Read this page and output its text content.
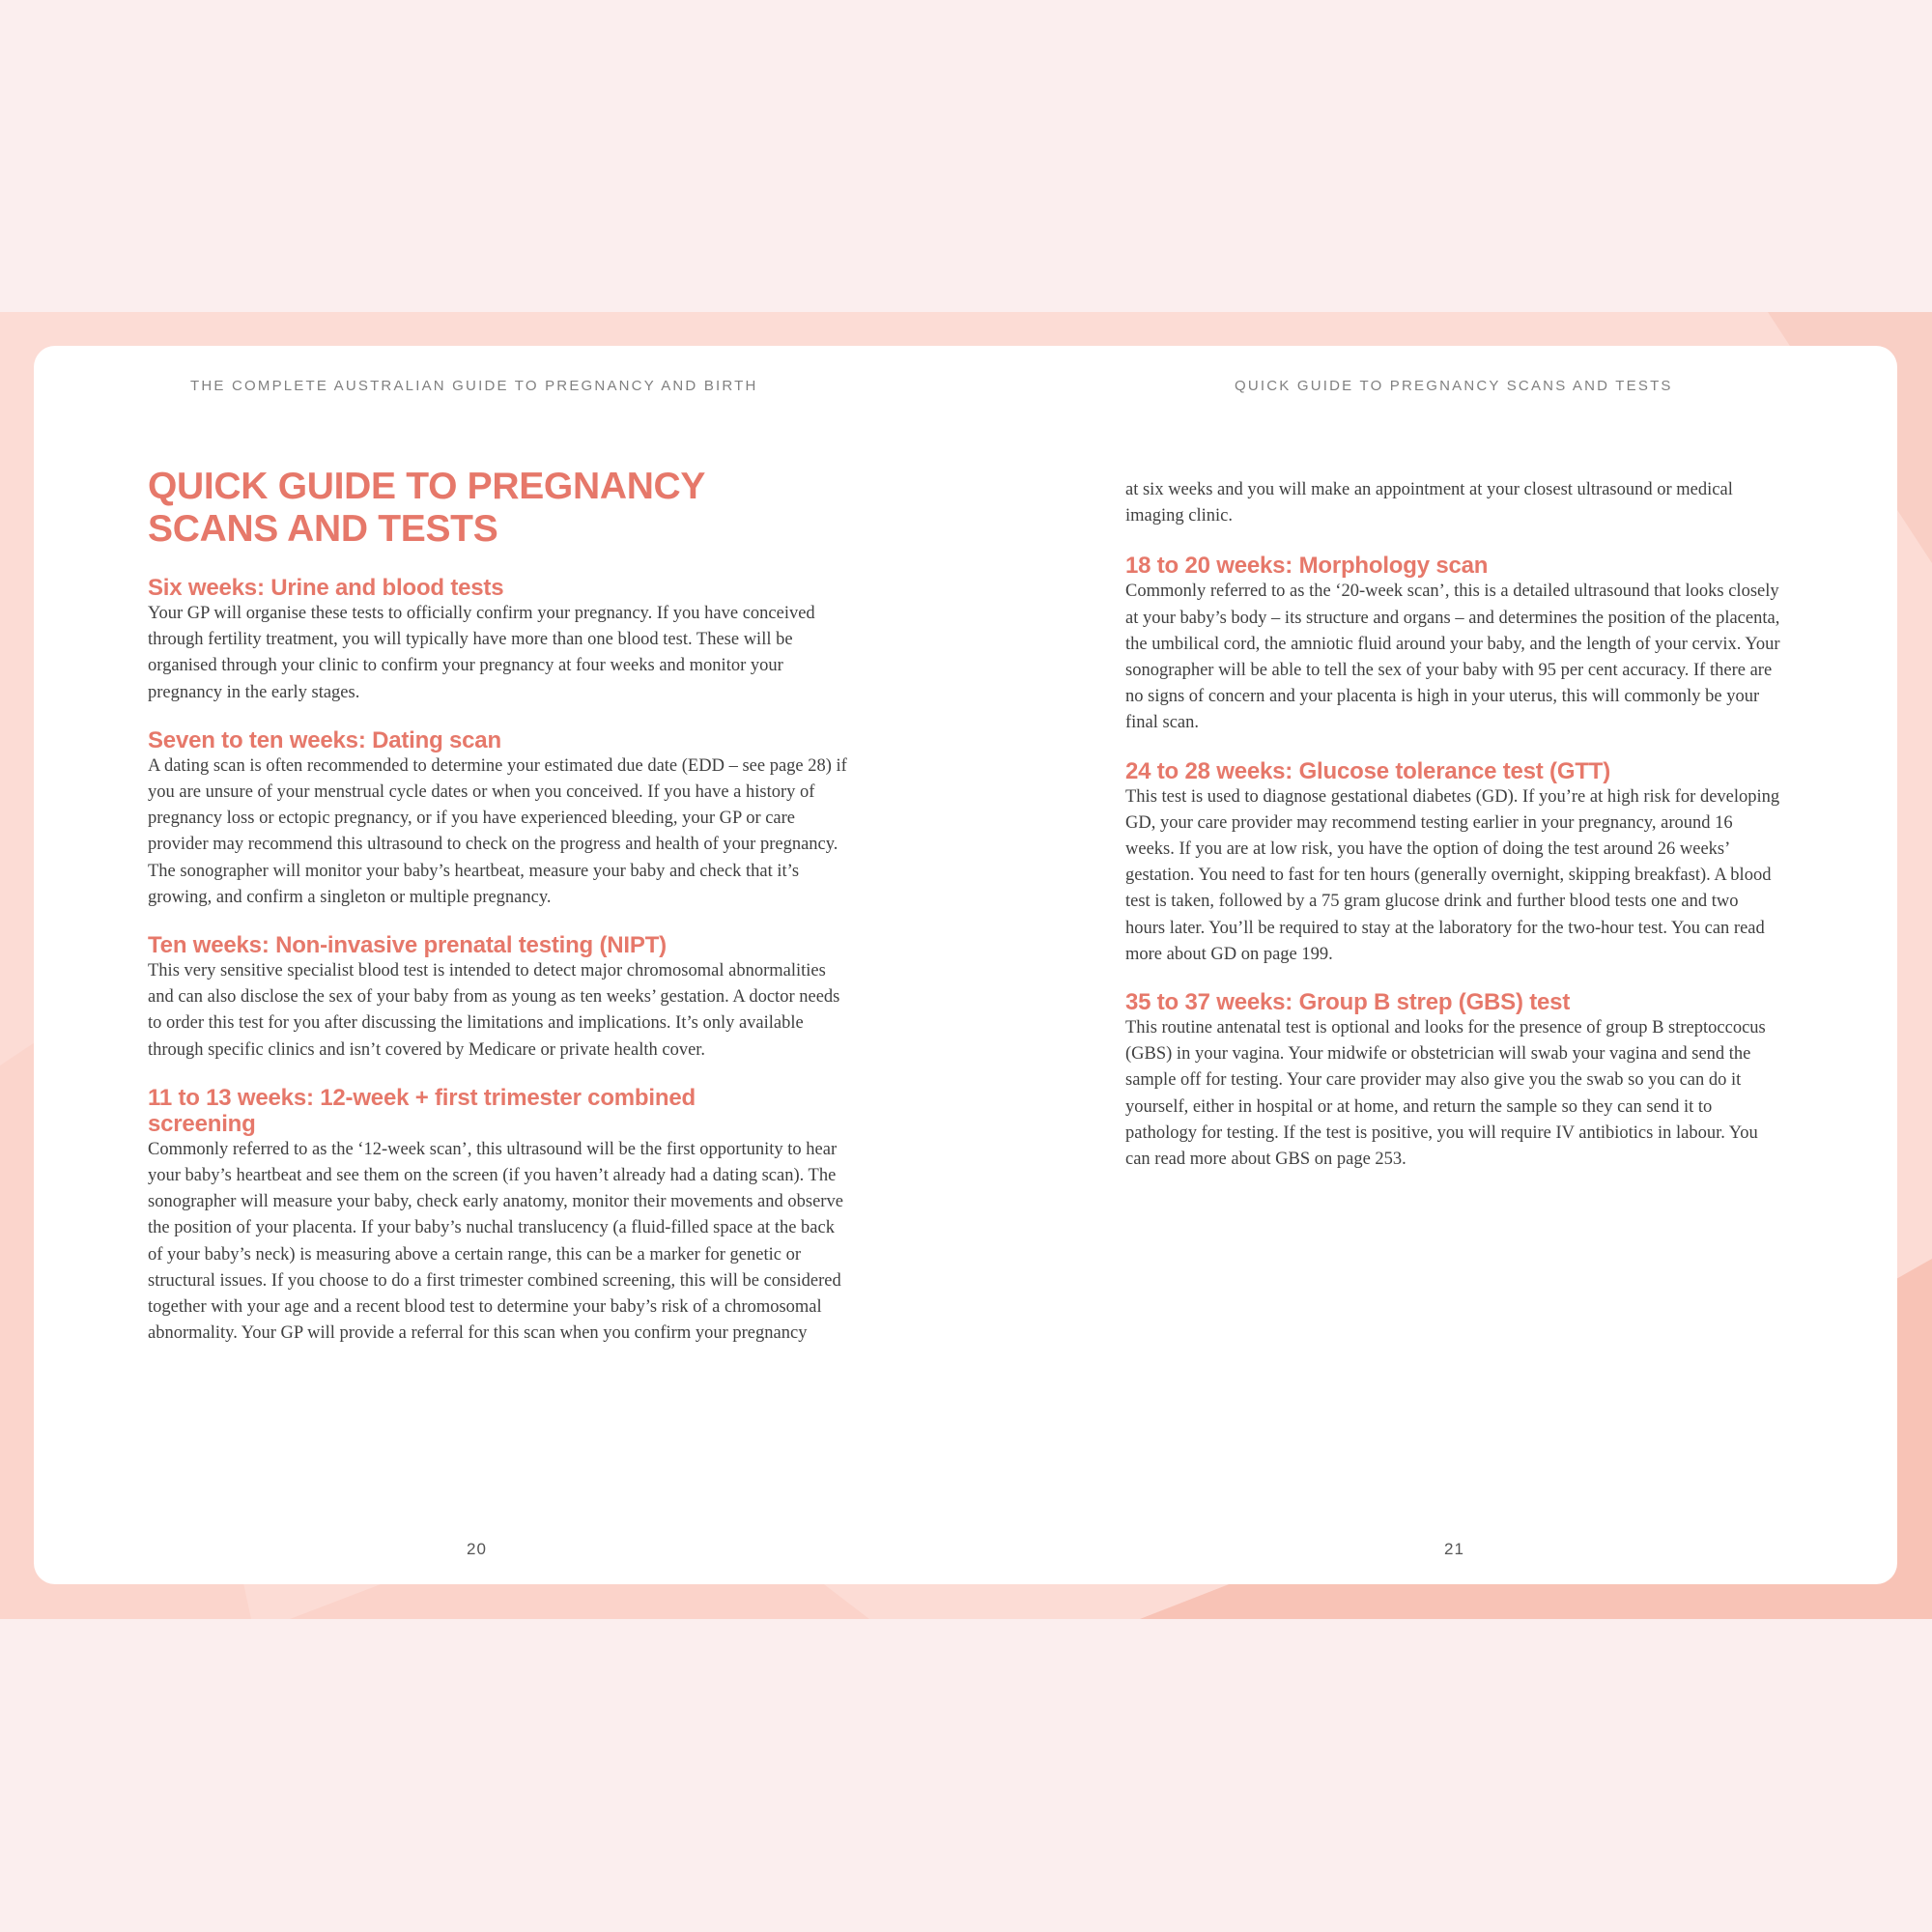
THE COMPLETE AUSTRALIAN GUIDE TO PREGNANCY AND BIRTH	QUICK GUIDE TO PREGNANCY SCANS AND TESTS
QUICK GUIDE TO PREGNANCY
SCANS AND TESTS
Six weeks: Urine and blood tests

Your GP will organise these tests to officially confirm your pregnancy. If you have conceived through fertility treatment, you will typically have more than one blood test. These will be organised through your clinic to confirm your pregnancy at four weeks and monitor your pregnancy in the early stages.

Seven to ten weeks: Dating scan

A dating scan is often recommended to determine your estimated due date (EDD – see page 28) if you are unsure of your menstrual cycle dates or when you conceived. If you have a history of pregnancy loss or ectopic pregnancy, or if you have experienced bleeding, your GP or care provider may recommend this ultrasound to check on the progress and health of your pregnancy. The sonographer will monitor your baby’s heartbeat, measure your baby and check that it’s growing, and confirm a singleton or multiple pregnancy.

Ten weeks: Non-invasive prenatal testing (NIPT)

This very sensitive specialist blood test is intended to detect major chromosomal abnormalities and can also disclose the sex of your baby from as young as ten weeks’ gestation. A doctor needs to order this test for you after discussing the limitations and implications. It’s only available through specific clinics and isn’t covered by Medicare or private health cover.

11 to 13 weeks: 12-week + first trimester combined screening

Commonly referred to as the ‘12-week scan’, this ultrasound will be the first opportunity to hear your baby’s heartbeat and see them on the screen (if you haven’t already had a dating scan). The sonographer will measure your baby, check early anatomy, monitor their movements and observe the position of your placenta. If your baby’s nuchal translucency (a fluid-filled space at the back of your baby’s neck) is measuring above a certain range, this can be a marker for genetic or structural issues. If you choose to do a first trimester combined screening, this will be considered together with your age and a recent blood test to determine your baby’s risk of a chromosomal abnormality. Your GP will provide a referral for this scan when you confirm your pregnancy

at six weeks and you will make an appointment at your closest ultrasound or medical imaging clinic.

18 to 20 weeks: Morphology scan

Commonly referred to as the ‘20-week scan’, this is a detailed ultrasound that looks closely at your baby’s body – its structure and organs – and determines the position of the placenta, the umbilical cord, the amniotic fluid around your baby, and the length of your cervix. Your sonographer will be able to tell the sex of your baby with 95 per cent accuracy. If there are no signs of concern and your placenta is high in your uterus, this will commonly be your final scan.

24 to 28 weeks: Glucose tolerance test (GTT)

This test is used to diagnose gestational diabetes (GD). If you’re at high risk for developing GD, your care provider may recommend testing earlier in your pregnancy, around 16 weeks. If you are at low risk, you have the option of doing the test around 26 weeks’ gestation. You need to fast for ten hours (generally overnight, skipping breakfast). A blood test is taken, followed by a 75 gram glucose drink and further blood tests one and two hours later. You’ll be required to stay at the laboratory for the two-hour test. You can read more about GD on page 199.

35 to 37 weeks: Group B strep (GBS) test

This routine antenatal test is optional and looks for the presence of group B streptoccocus (GBS) in your vagina. Your midwife or obstetrician will swab your vagina and send the sample off for testing. Your care provider may also give you the swab so you can do it yourself, either in hospital or at home, and return the sample so they can send it to pathology for testing. If the test is positive, you will require IV antibiotics in labour. You can read more about GBS on page 253.

20	21
